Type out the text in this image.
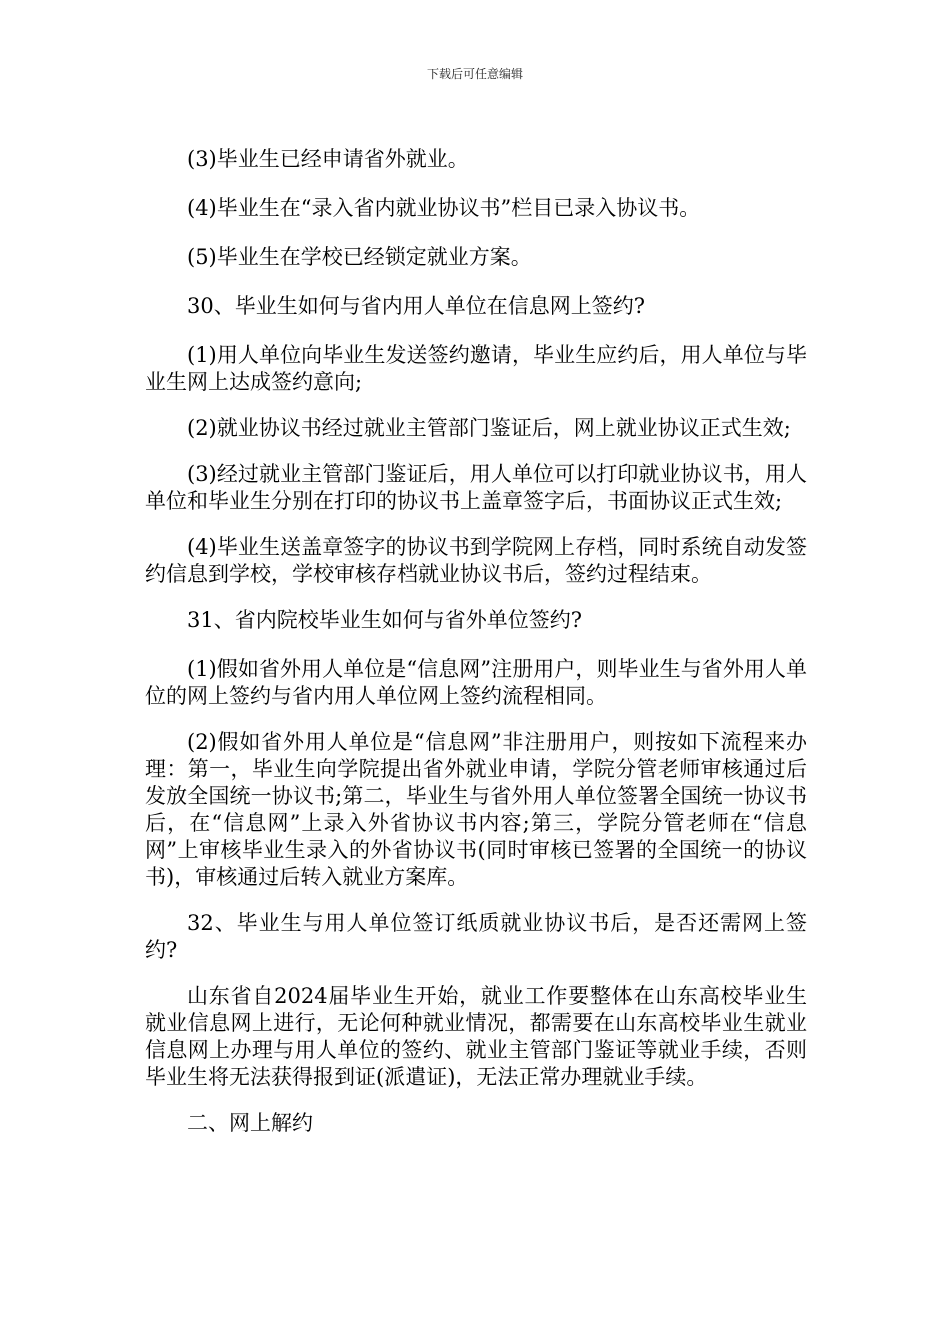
下载后可任意编辑

(3)毕业生已经申请省外就业。

(4)毕业生在“录入省内就业协议书”栏目已录入协议书。

(5)毕业生在学校已经锁定就业方案。

30、毕业生如何与省内用人单位在信息网上签约?

(1)用人单位向毕业生发送签约邀请，毕业生应约后，用人单位与毕业生网上达成签约意向;

(2)就业协议书经过就业主管部门鉴证后，网上就业协议正式生效;

(3)经过就业主管部门鉴证后，用人单位可以打印就业协议书，用人单位和毕业生分别在打印的协议书上盖章签字后，书面协议正式生效;

(4)毕业生送盖章签字的协议书到学院网上存档，同时系统自动发签约信息到学校，学校审核存档就业协议书后，签约过程结束。

31、省内院校毕业生如何与省外单位签约?

(1)假如省外用人单位是“信息网”注册用户，则毕业生与省外用人单位的网上签约与省内用人单位网上签约流程相同。

(2)假如省外用人单位是“信息网”非注册用户，则按如下流程来办理：第一，毕业生向学院提出省外就业申请，学院分管老师审核通过后发放全国统一协议书;第二，毕业生与省外用人单位签署全国统一协议书后，在“信息网”上录入外省协议书内容;第三，学院分管老师在“信息网”上审核毕业生录入的外省协议书(同时审核已签署的全国统一的协议书)，审核通过后转入就业方案库。

32、毕业生与用人单位签订纸质就业协议书后，是否还需网上签约?

山东省自2024届毕业生开始，就业工作要整体在山东高校毕业生就业信息网上进行，无论何种就业情况，都需要在山东高校毕业生就业信息网上办理与用人单位的签约、就业主管部门鉴证等就业手续，否则毕业生将无法获得报到证(派遣证)，无法正常办理就业手续。

二、网上解约
